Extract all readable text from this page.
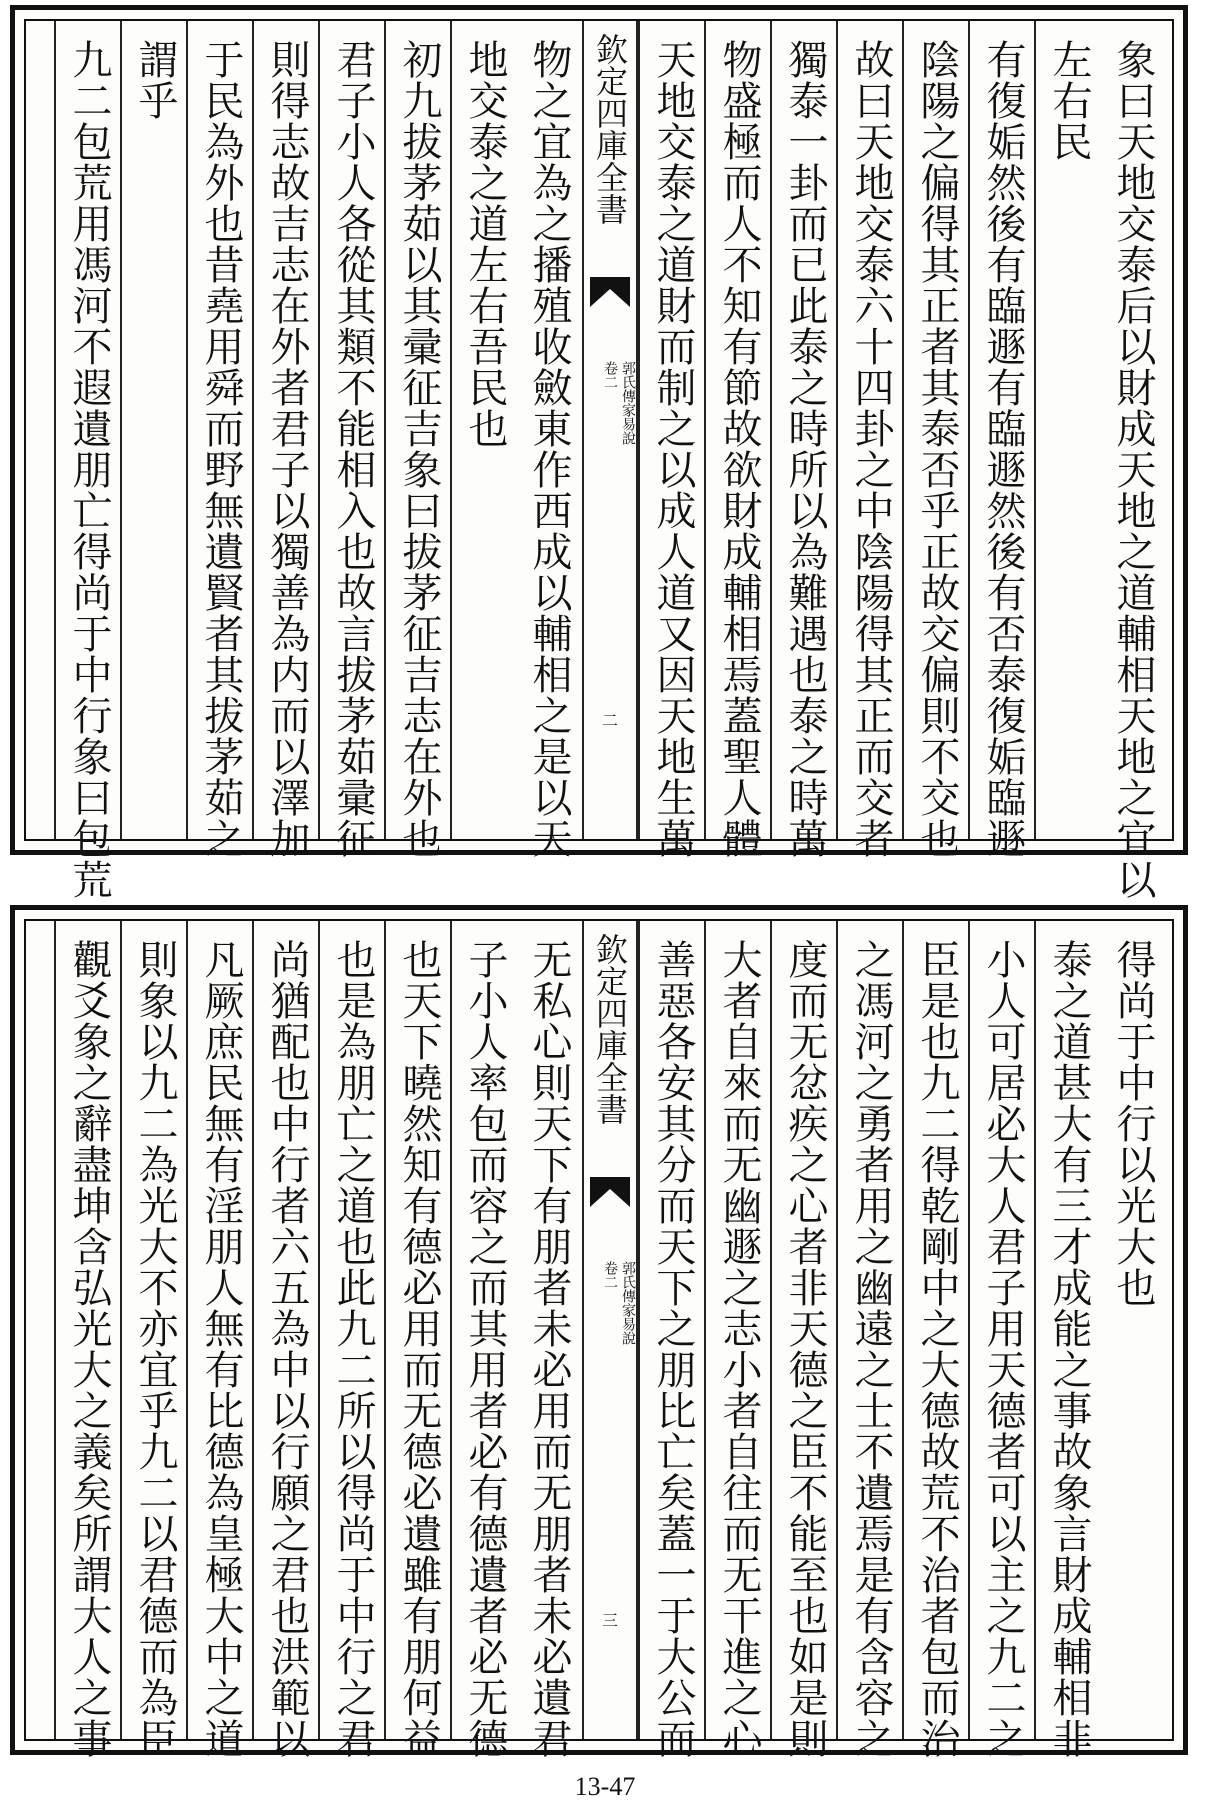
象曰天地交泰后以財成天地之道輔相天地之宜以
左右民
有復姤然後有臨遯有臨遯然後有否泰復姤臨遯
陰陽之偏得其正者其泰否乎正故交偏則不交也
故曰天地交泰六十四卦之中陰陽得其正而交者
獨泰一卦而已此泰之時所以為難遇也泰之時萬
物盛極而人不知有節故欲財成輔相焉蓋聖人體
天地交泰之道財而制之以成人道又因天地生萬
欽定四庫全書
郭氏傳家易說
卷二
二
物之宜為之播殖收斂東作西成以輔相之是以天
地交泰之道左右吾民也
初九拔茅茹以其彚征吉象曰拔茅征吉志在外也
君子小人各從其類不能相入也故言拔茅茹彚征
則得志故吉志在外者君子以獨善為内而以澤加
于民為外也昔堯用舜而野無遺賢者其拔茅茹之
謂乎
九二包荒用馮河不遐遺朋亡得尚于中行象曰包荒
得尚于中行以光大也
泰之道甚大有三才成能之事故象言財成輔相非
小人可居必大人君子用天德者可以主之九二之
臣是也九二得乾剛中之大德故荒不治者包而治
之馮河之勇者用之幽遠之士不遺焉是有含容之
度而无忿疾之心者非天德之臣不能至也如是則
大者自來而无幽遯之志小者自往而无干進之心
善惡各安其分而天下之朋比亡矣蓋一于大公而
欽定四庫全書
郭氏傳家易說
卷二
三
无私心則天下有朋者未必用而无朋者未必遺君
子小人率包而容之而其用者必有德遺者必无德
也天下曉然知有德必用而无德必遺雖有朋何益
也是為朋亡之道也此九二所以得尚于中行之君
尚猶配也中行者六五為中以行願之君也洪範以
凡厥庶民無有淫朋人無有比德為皇極大中之道
則象以九二為光大不亦宜乎九二以君德而為臣
觀爻象之辭盡坤含弘光大之義矣所謂大人之事
13-47
